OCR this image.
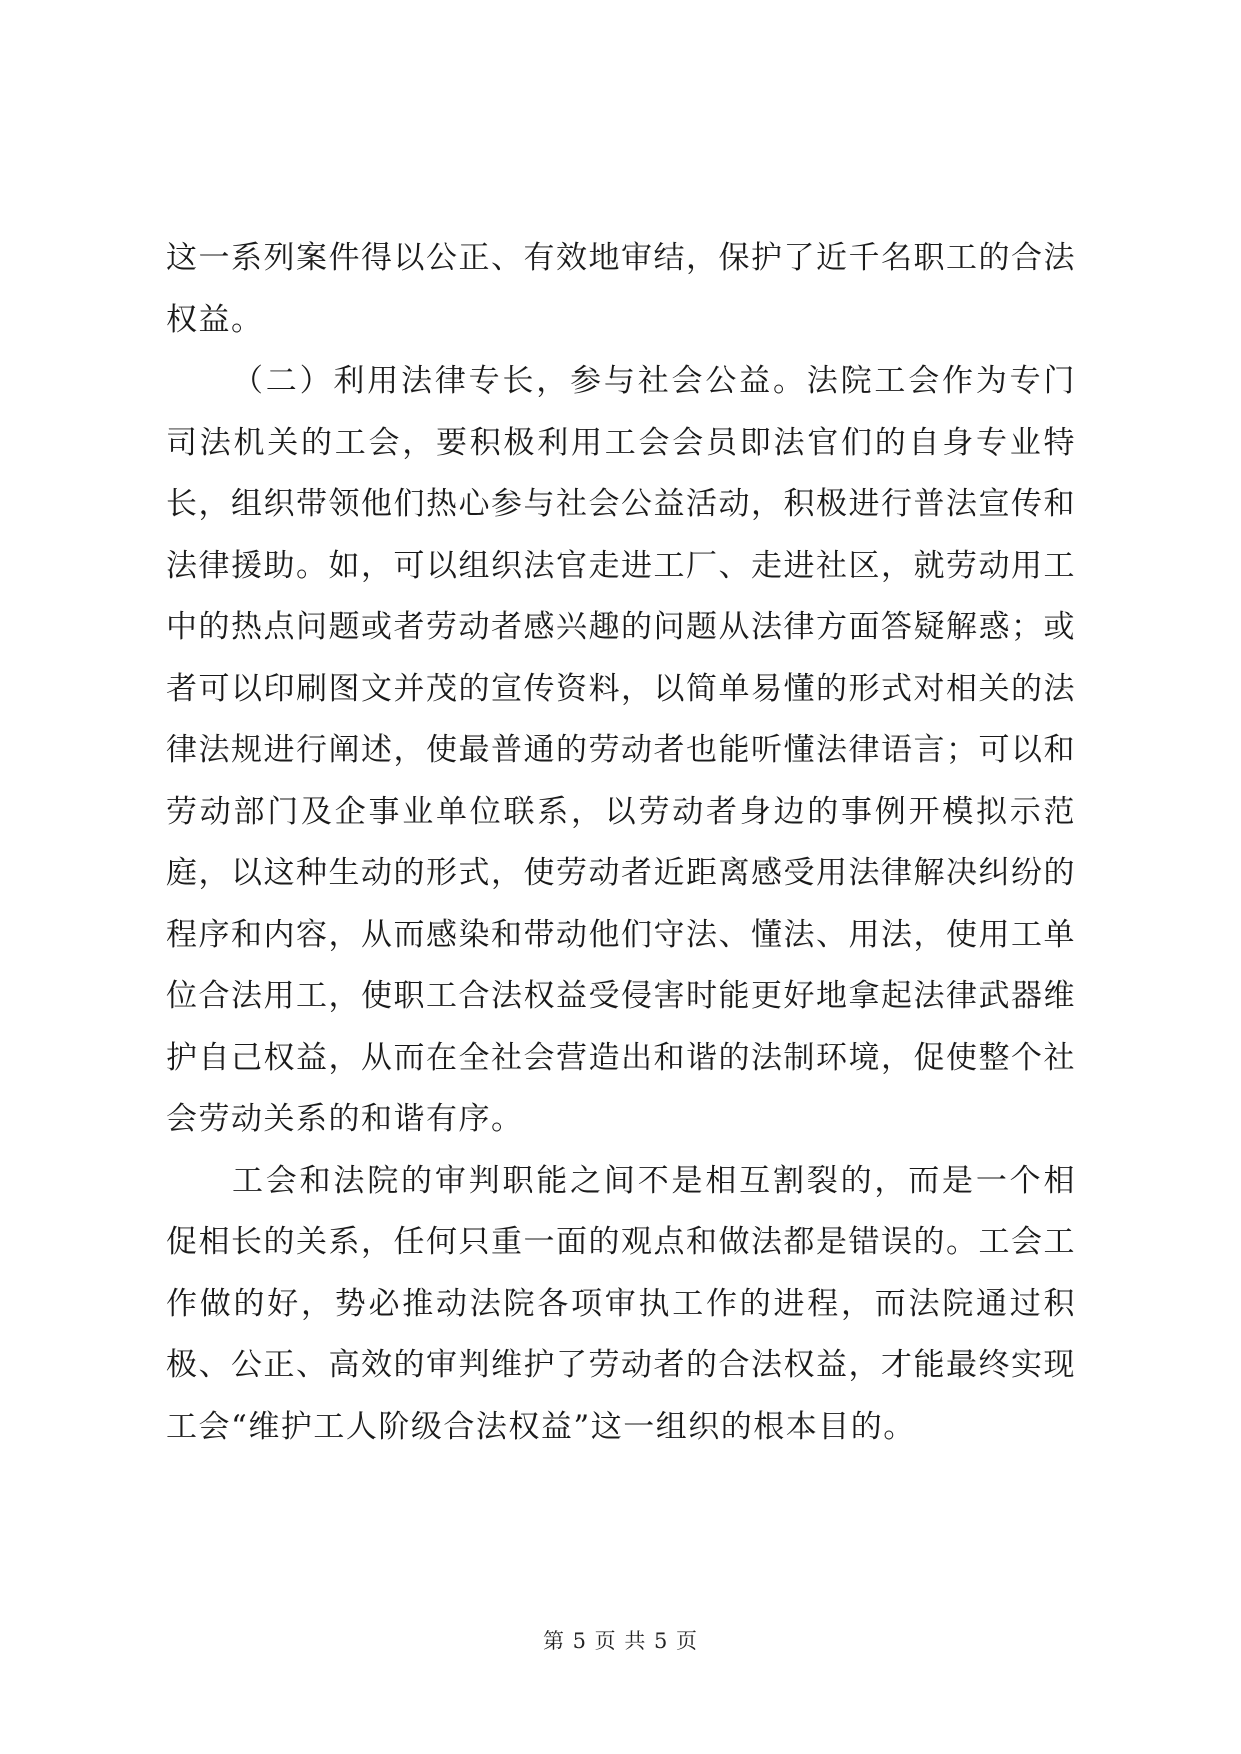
这一系列案件得以公正、有效地审结，保护了近千名职工的合法权益。

（二）利用法律专长，参与社会公益。法院工会作为专门司法机关的工会，要积极利用工会会员即法官们的自身专业特长，组织带领他们热心参与社会公益活动，积极进行普法宣传和法律援助。如，可以组织法官走进工厂、走进社区，就劳动用工中的热点问题或者劳动者感兴趣的问题从法律方面答疑解惑；或者可以印刷图文并茂的宣传资料，以简单易懂的形式对相关的法律法规进行阐述，使最普通的劳动者也能听懂法律语言；可以和劳动部门及企事业单位联系，以劳动者身边的事例开模拟示范庭，以这种生动的形式，使劳动者近距离感受用法律解决纠纷的程序和内容，从而感染和带动他们守法、懂法、用法，使用工单位合法用工，使职工合法权益受侵害时能更好地拿起法律武器维护自己权益，从而在全社会营造出和谐的法制环境，促使整个社会劳动关系的和谐有序。

工会和法院的审判职能之间不是相互割裂的，而是一个相促相长的关系，任何只重一面的观点和做法都是错误的。工会工作做的好，势必推动法院各项审执工作的进程，而法院通过积极、公正、高效的审判维护了劳动者的合法权益，才能最终实现工会“维护工人阶级合法权益”这一组织的根本目的。

第 5 页 共 5 页
